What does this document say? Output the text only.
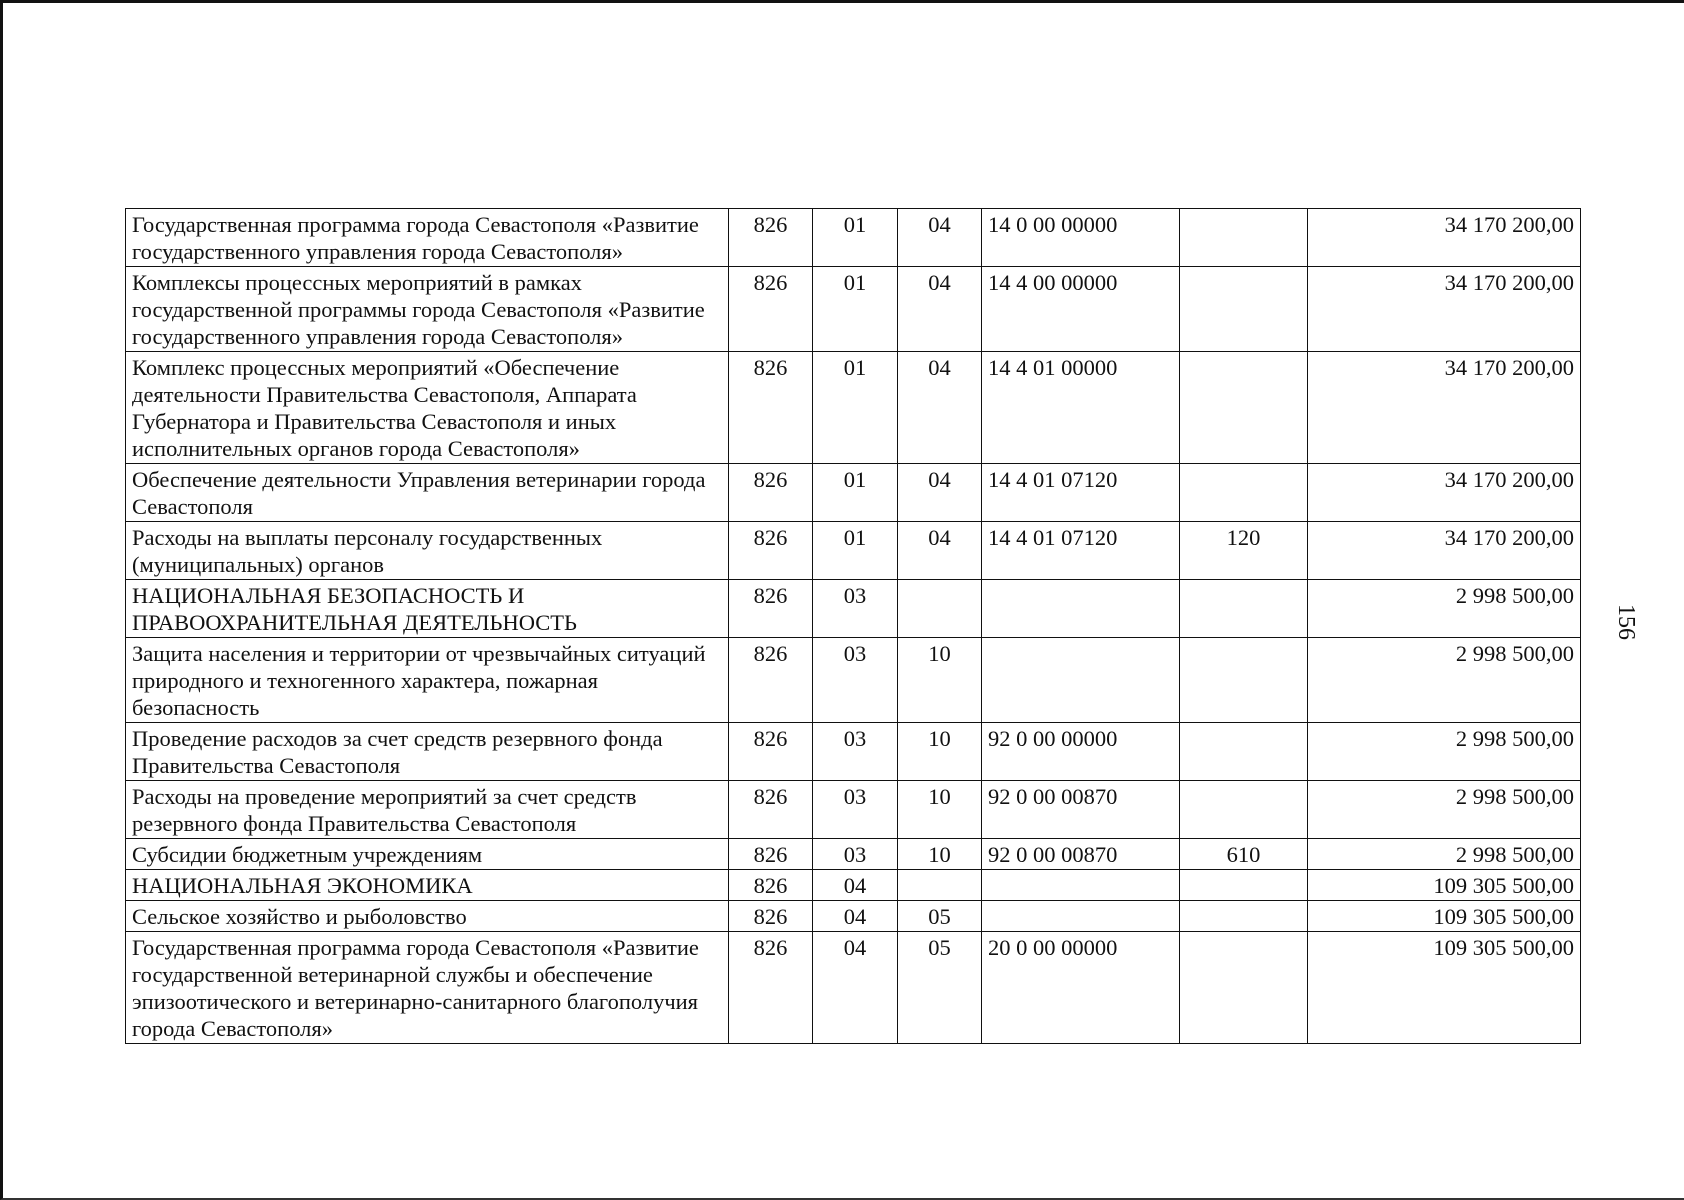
Государственная программа города Севастополя «Развитие государственного управления города Севастополя»	826	01	04	14 0 00 00000		34 170 200,00
Комплексы процессных мероприятий в рамках государственной программы города Севастополя «Развитие государственного управления города Севастополя»	826	01	04	14 4 00 00000		34 170 200,00
Комплекс процессных мероприятий «Обеспечение деятельности Правительства Севастополя, Аппарата Губернатора и Правительства Севастополя и иных исполнительных органов города Севастополя»	826	01	04	14 4 01 00000		34 170 200,00
Обеспечение деятельности Управления ветеринарии города Севастополя	826	01	04	14 4 01 07120		34 170 200,00
Расходы на выплаты персоналу государственных (муниципальных) органов	826	01	04	14 4 01 07120	120	34 170 200,00
НАЦИОНАЛЬНАЯ БЕЗОПАСНОСТЬ И ПРАВООХРАНИТЕЛЬНАЯ ДЕЯТЕЛЬНОСТЬ	826	03				2 998 500,00
Защита населения и территории от чрезвычайных ситуаций природного и техногенного характера, пожарная безопасность	826	03	10			2 998 500,00
Проведение расходов за счет средств резервного фонда Правительства Севастополя	826	03	10	92 0 00 00000		2 998 500,00
Расходы на проведение мероприятий за счет средств резервного фонда Правительства Севастополя	826	03	10	92 0 00 00870		2 998 500,00
Субсидии бюджетным учреждениям	826	03	10	92 0 00 00870	610	2 998 500,00
НАЦИОНАЛЬНАЯ ЭКОНОМИКА	826	04				109 305 500,00
Сельское хозяйство и рыболовство	826	04	05			109 305 500,00
Государственная программа города Севастополя «Развитие государственной ветеринарной службы и обеспечение эпизоотического и ветеринарно-санитарного благополучия города Севастополя»	826	04	05	20 0 00 00000		109 305 500,00
156
